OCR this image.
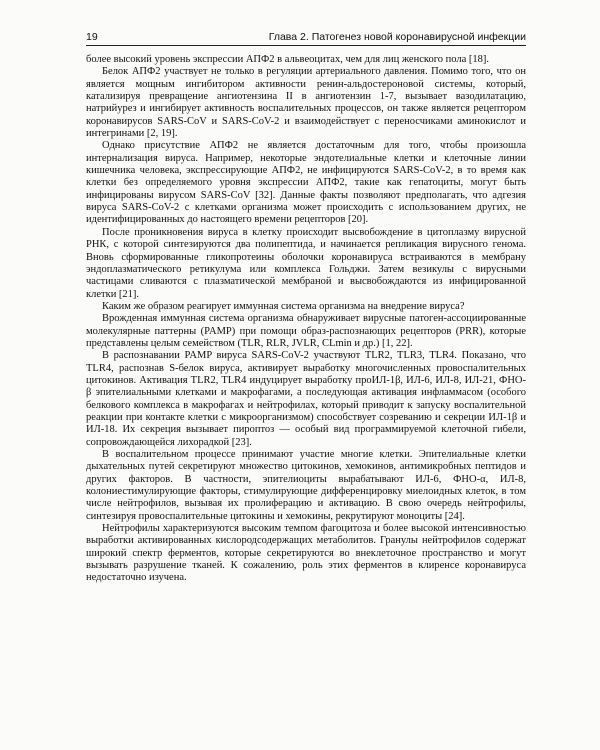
19	Глава 2. Патогенез новой коронавирусной инфекции

более высокий уровень экспрессии АПФ2 в альвеоцитах, чем для лиц женского пола [18].

Белок АПФ2 участвует не только в регуляции артериального давления. Помимо того, что он является мощным ингибитором активности ренин-альдостероновой системы, который, катализируя превращение ангиотензина II в ангиотензин 1-7, вызывает вазодилатацию, натрийурез и ингибирует активность воспалительных процессов, он также является рецептором коронавирусов SARS-CoV и SARS-CoV-2 и взаимодействует с переносчиками аминокислот и интегринами [2, 19].

Однако присутствие АПФ2 не является достаточным для того, чтобы произошла интернализация вируса. Например, некоторые эндотелиальные клетки и клеточные линии кишечника человека, экспрессирующие АПФ2, не инфицируются SARS-CoV-2, в то время как клетки без определяемого уровня экспрессии АПФ2, такие как гепатоциты, могут быть инфицированы вирусом SARS-CoV [32]. Данные факты позволяют предполагать, что адгезия вируса SARS-CoV-2 с клетками организма может происходить с использованием других, не идентифицированных до настоящего времени рецепторов [20].

После проникновения вируса в клетку происходит высвобождение в цитоплазму вирусной РНК, с которой синтезируются два полипептида, и начинается репликация вирусного генома. Вновь сформированные гликопротеины оболочки коронавируса встраиваются в мембрану эндоплазматического ретикулума или комплекса Гольджи. Затем везикулы с вирусными частицами сливаются с плазматической мембраной и высвобождаются из инфицированной клетки [21].

Каким же образом реагирует иммунная система организма на внедрение вируса?

Врожденная иммунная система организма обнаруживает вирусные патоген-ассоциированные молекулярные паттерны (PAMP) при помощи образ-распознающих рецепторов (PRR), которые представлены целым семейством (TLR, RLR, JVLR, CLmin и др.) [1, 22].

В распознавании PAMP вируса SARS-CoV-2 участвуют TLR2, TLR3, TLR4. Показано, что TLR4, распознав S-белок вируса, активирует выработку многочисленных провоспалительных цитокинов. Активация TLR2, TLR4 индуцирует выработку проИЛ-1β, ИЛ-6, ИЛ-8, ИЛ-21, ФНО-β эпителиальными клетками и макрофагами, а последующая активация инфламмасом (особого белкового комплекса в макрофагах и нейтрофилах, который приводит к запуску воспалительной реакции при контакте клетки с микроорганизмом) способствует созреванию и секреции ИЛ-1β и ИЛ-18. Их секреция вызывает пироптоз — особый вид программируемой клеточной гибели, сопровождающейся лихорадкой [23].

В воспалительном процессе принимают участие многие клетки. Эпителиальные клетки дыхательных путей секретируют множество цитокинов, хемокинов, антимикробных пептидов и других факторов. В частности, эпителиоциты вырабатывают ИЛ-6, ФНО-α, ИЛ-8, колониестимулирующие факторы, стимулирующие дифференцировку миелоидных клеток, в том числе нейтрофилов, вызывая их пролиферацию и активацию. В свою очередь нейтрофилы, синтезируя провоспалительные цитокины и хемокины, рекрутируют моноциты [24].

Нейтрофилы характеризуются высоким темпом фагоцитоза и более высокой интенсивностью выработки активированных кислородсодержащих метаболитов. Гранулы нейтрофилов содержат широкий спектр ферментов, которые секретируются во внеклеточное пространство и могут вызывать разрушение тканей. К сожалению, роль этих ферментов в клиренсе коронавируса недостаточно изучена.
